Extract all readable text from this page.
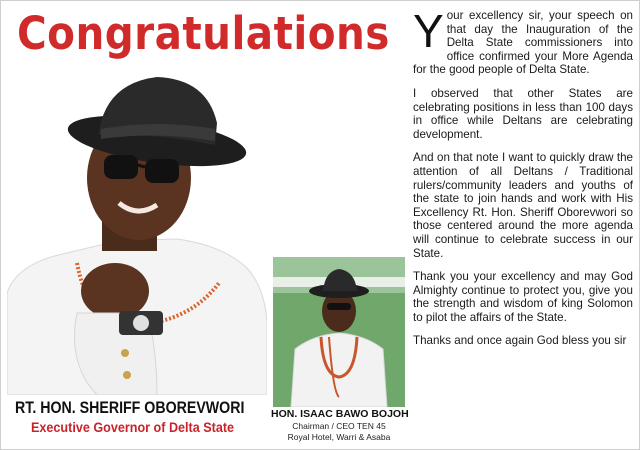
Congratulations
RT. HON. SHERIFF OBOREVWORI
Executive Governor of Delta State
HON. ISAAC BAWO BOJOH
Chairman / CEO TEN 45
Royal Hotel, Warri & Asaba

Your excellency sir, your speech on that day the Inauguration of the Delta State commissioners into office confirmed your More Agenda for the good people of Delta State.

I observed that other States are celebrating positions in less than 100 days in office while Deltans are celebrating development.

And on that note I want to quickly draw the attention of all Deltans / Traditional rulers/community leaders and youths of the state to join hands and work with His Excellency Rt. Hon. Sheriff Oborevwori so those centered around the more agenda will continue to celebrate success in our State.

Thank you your excellency and may God Almighty continue to protect you, give you the strength and wisdom of king Solomon to pilot the affairs of the State.

Thanks and once again God bless you sir
